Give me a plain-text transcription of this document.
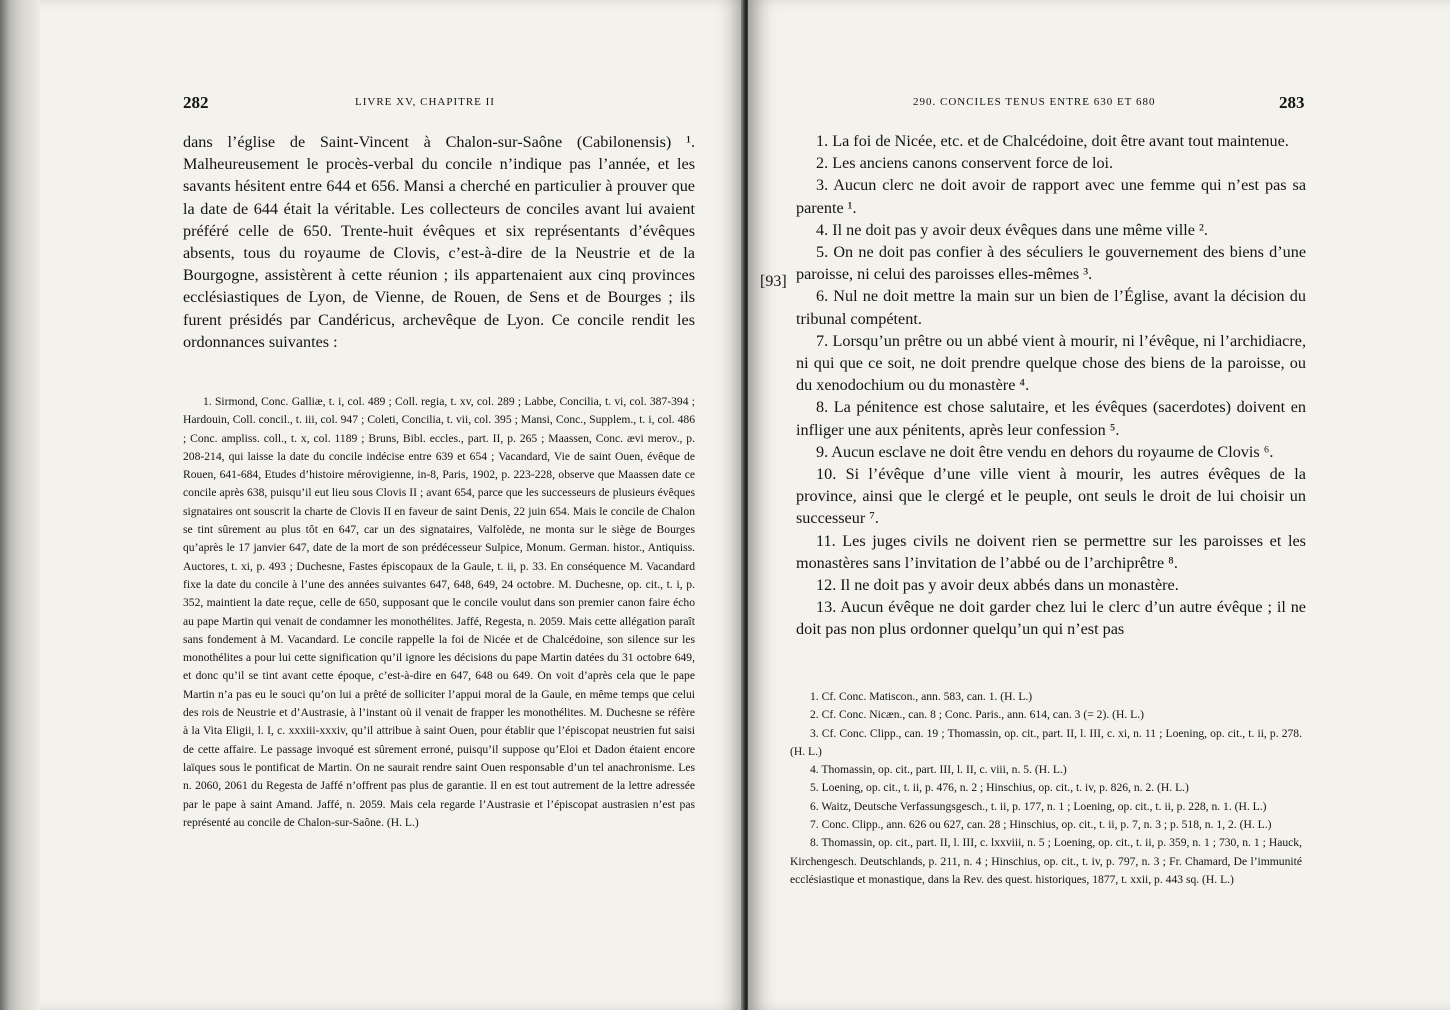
282	LIVRE XV, CHAPITRE II

dans l’église de Saint-Vincent à Chalon-sur-Saône (Cabilonensis) ¹. Malheureusement le procès-verbal du concile n’indique pas l’année, et les savants hésitent entre 644 et 656. Mansi a cherché en particulier à prouver que la date de 644 était la véritable. Les collecteurs de conciles avant lui avaient préféré celle de 650. Trente-huit évêques et six représentants d’évêques absents, tous du royaume de Clovis, c’est-à-dire de la Neustrie et de la Bourgogne, assistèrent à cette réunion ; ils appartenaient aux cinq provinces ecclésiastiques de Lyon, de Vienne, de Rouen, de Sens et de Bourges ; ils furent présidés par Candéricus, archevêque de Lyon. Ce concile rendit les ordonnances suivantes :

1. Sirmond, Conc. Galliæ, t. i, col. 489 ; Coll. regia, t. xv, col. 289 ; Labbe, Concilia, t. vi, col. 387-394 ; Hardouin, Coll. concil., t. iii, col. 947 ; Coleti, Concilia, t. vii, col. 395 ; Mansi, Conc., Supplem., t. i, col. 486 ; Conc. ampliss. coll., t. x, col. 1189 ; Bruns, Bibl. eccles., part. II, p. 265 ; Maassen, Conc. ævi merov., p. 208-214, qui laisse la date du concile indécise entre 639 et 654 ; Vacandard, Vie de saint Ouen, évêque de Rouen, 641-684, Etudes d’histoire mérovigienne, in-8, Paris, 1902, p. 223-228, observe que Maassen date ce concile après 638, puisqu’il eut lieu sous Clovis II ; avant 654, parce que les successeurs de plusieurs évêques signataires ont souscrit la charte de Clovis II en faveur de saint Denis, 22 juin 654. Mais le concile de Chalon se tint sûrement au plus tôt en 647, car un des signataires, Valfolède, ne monta sur le siège de Bourges qu’après le 17 janvier 647, date de la mort de son prédécesseur Sulpice, Monum. German. histor., Antiquiss. Auctores, t. xi, p. 493 ; Duchesne, Fastes épiscopaux de la Gaule, t. ii, p. 33. En conséquence M. Vacandard fixe la date du concile à l’une des années suivantes 647, 648, 649, 24 octobre. M. Duchesne, op. cit., t. i, p. 352, maintient la date reçue, celle de 650, supposant que le concile voulut dans son premier canon faire écho au pape Martin qui venait de condamner les monothélites. Jaffé, Regesta, n. 2059. Mais cette allégation paraît sans fondement à M. Vacandard. Le concile rappelle la foi de Nicée et de Chalcédoine, son silence sur les monothélites a pour lui cette signification qu’il ignore les décisions du pape Martin datées du 31 octobre 649, et donc qu’il se tint avant cette époque, c’est-à-dire en 647, 648 ou 649. On voit d’après cela que le pape Martin n’a pas eu le souci qu’on lui a prêté de solliciter l’appui moral de la Gaule, en même temps que celui des rois de Neustrie et d’Austrasie, à l’instant où il venait de frapper les monothélites. M. Duchesne se réfère à la Vita Eligii, l. I, c. xxxiii-xxxiv, qu’il attribue à saint Ouen, pour établir que l’épiscopat neustrien fut saisi de cette affaire. Le passage invoqué est sûrement erroné, puisqu’il suppose qu’Eloi et Dadon étaient encore laïques sous le pontificat de Martin. On ne saurait rendre saint Ouen responsable d’un tel anachronisme. Les n. 2060, 2061 du Regesta de Jaffé n’offrent pas plus de garantie. Il en est tout autrement de la lettre adressée par le pape à saint Amand. Jaffé, n. 2059. Mais cela regarde l’Austrasie et l’épiscopat austrasien n’est pas représenté au concile de Chalon-sur-Saône. (H. L.)

290. CONCILES TENUS ENTRE 630 ET 680	283
[93]

1. La foi de Nicée, etc. et de Chalcédoine, doit être avant tout maintenue.

2. Les anciens canons conservent force de loi.

3. Aucun clerc ne doit avoir de rapport avec une femme qui n’est pas sa parente ¹.

4. Il ne doit pas y avoir deux évêques dans une même ville ².

5. On ne doit pas confier à des séculiers le gouvernement des biens d’une paroisse, ni celui des paroisses elles-mêmes ³.

6. Nul ne doit mettre la main sur un bien de l’Église, avant la décision du tribunal compétent.

7. Lorsqu’un prêtre ou un abbé vient à mourir, ni l’évêque, ni l’archidiacre, ni qui que ce soit, ne doit prendre quelque chose des biens de la paroisse, ou du xenodochium ou du monastère ⁴.

8. La pénitence est chose salutaire, et les évêques (sacerdotes) doivent en infliger une aux pénitents, après leur confession ⁵.

9. Aucun esclave ne doit être vendu en dehors du royaume de Clovis ⁶.

10. Si l’évêque d’une ville vient à mourir, les autres évêques de la province, ainsi que le clergé et le peuple, ont seuls le droit de lui choisir un successeur ⁷.

11. Les juges civils ne doivent rien se permettre sur les paroisses et les monastères sans l’invitation de l’abbé ou de l’archiprêtre ⁸.

12. Il ne doit pas y avoir deux abbés dans un monastère.

13. Aucun évêque ne doit garder chez lui le clerc d’un autre évêque ; il ne doit pas non plus ordonner quelqu’un qui n’est pas

1. Cf. Conc. Matiscon., ann. 583, can. 1. (H. L.)

2. Cf. Conc. Nicæn., can. 8 ; Conc. Paris., ann. 614, can. 3 (= 2). (H. L.)

3. Cf. Conc. Clipp., can. 19 ; Thomassin, op. cit., part. II, l. III, c. xi, n. 11 ; Loening, op. cit., t. ii, p. 278. (H. L.)

4. Thomassin, op. cit., part. III, l. II, c. viii, n. 5. (H. L.)

5. Loening, op. cit., t. ii, p. 476, n. 2 ; Hinschius, op. cit., t. iv, p. 826, n. 2. (H. L.)

6. Waitz, Deutsche Verfassungsgesch., t. ii, p. 177, n. 1 ; Loening, op. cit., t. ii, p. 228, n. 1. (H. L.)

7. Conc. Clipp., ann. 626 ou 627, can. 28 ; Hinschius, op. cit., t. ii, p. 7, n. 3 ; p. 518, n. 1, 2. (H. L.)

8. Thomassin, op. cit., part. II, l. III, c. lxxviii, n. 5 ; Loening, op. cit., t. ii, p. 359, n. 1 ; 730, n. 1 ; Hauck, Kirchengesch. Deutschlands, p. 211, n. 4 ; Hinschius, op. cit., t. iv, p. 797, n. 3 ; Fr. Chamard, De l’immunité ecclésiastique et monastique, dans la Rev. des quest. historiques, 1877, t. xxii, p. 443 sq. (H. L.)
